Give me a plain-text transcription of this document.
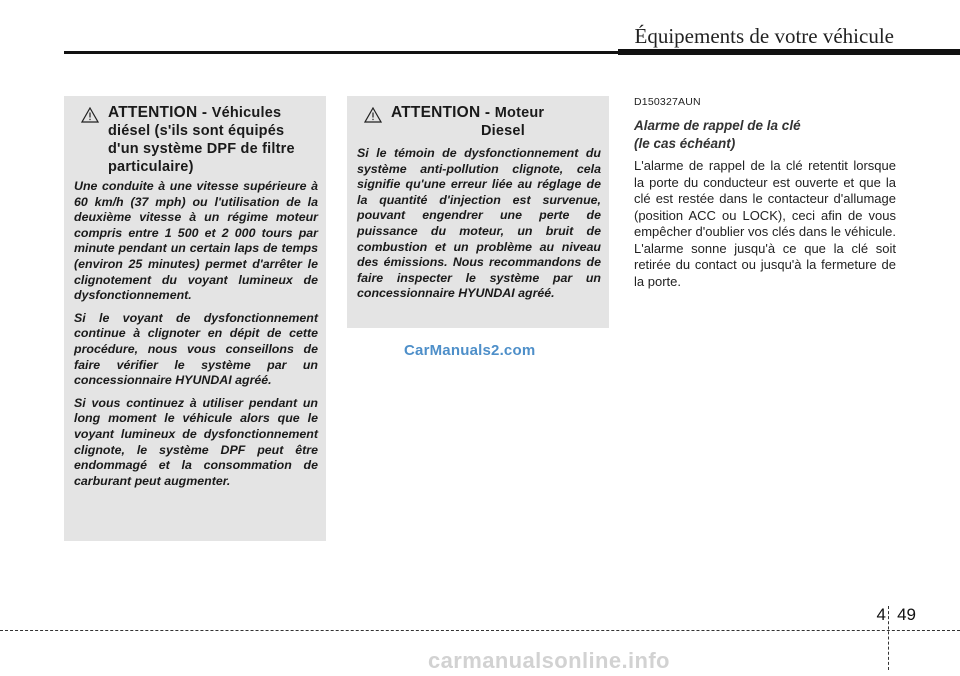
Équipements de votre véhicule
ATTENTION - Véhicules
diésel (s'ils sont équipés d'un système DPF de filtre particulaire)

Une conduite à une vitesse supérieure à 60 km/h (37 mph) ou l'utilisation de la deuxième vitesse à un régime moteur compris entre 1 500 et 2 000 tours par minute pendant un certain laps de temps (environ 25 minutes) permet d'arrêter le clignotement du voyant lumineux de dysfonctionnement.

Si le voyant de dysfonctionnement continue à clignoter en dépit de cette procédure, nous vous conseillons de faire vérifier le système par un concessionnaire HYUNDAI agréé.

Si vous continuez à utiliser pendant un long moment le véhicule alors que le voyant lumineux de dysfonctionnement clignote, le système DPF peut être endommagé et la consommation de carburant peut augmenter.

ATTENTION - Moteur
Diesel

Si le témoin de dysfonctionnement du système anti-pollution clignote, cela signifie qu'une erreur liée au réglage de la quantité d'injection est survenue, pouvant engendrer une perte de puissance du moteur, un bruit de combustion et un problème au niveau des émissions. Nous recommandons de faire inspecter le système par un concessionnaire HYUNDAI agréé.

CarManuals2.com
D150327AUN
Alarme de rappel de la clé
(le cas échéant)

L'alarme de rappel de la clé retentit lorsque la porte du conducteur est ouverte et que la clé est restée dans le contacteur d'allumage (position ACC ou LOCK), ceci afin de vous empêcher d'oublier vos clés dans le véhicule. L'alarme sonne jusqu'à ce que la clé soit retirée du contact ou jusqu'à la fermeture de la porte.

4 49
carmanualsonline.info
